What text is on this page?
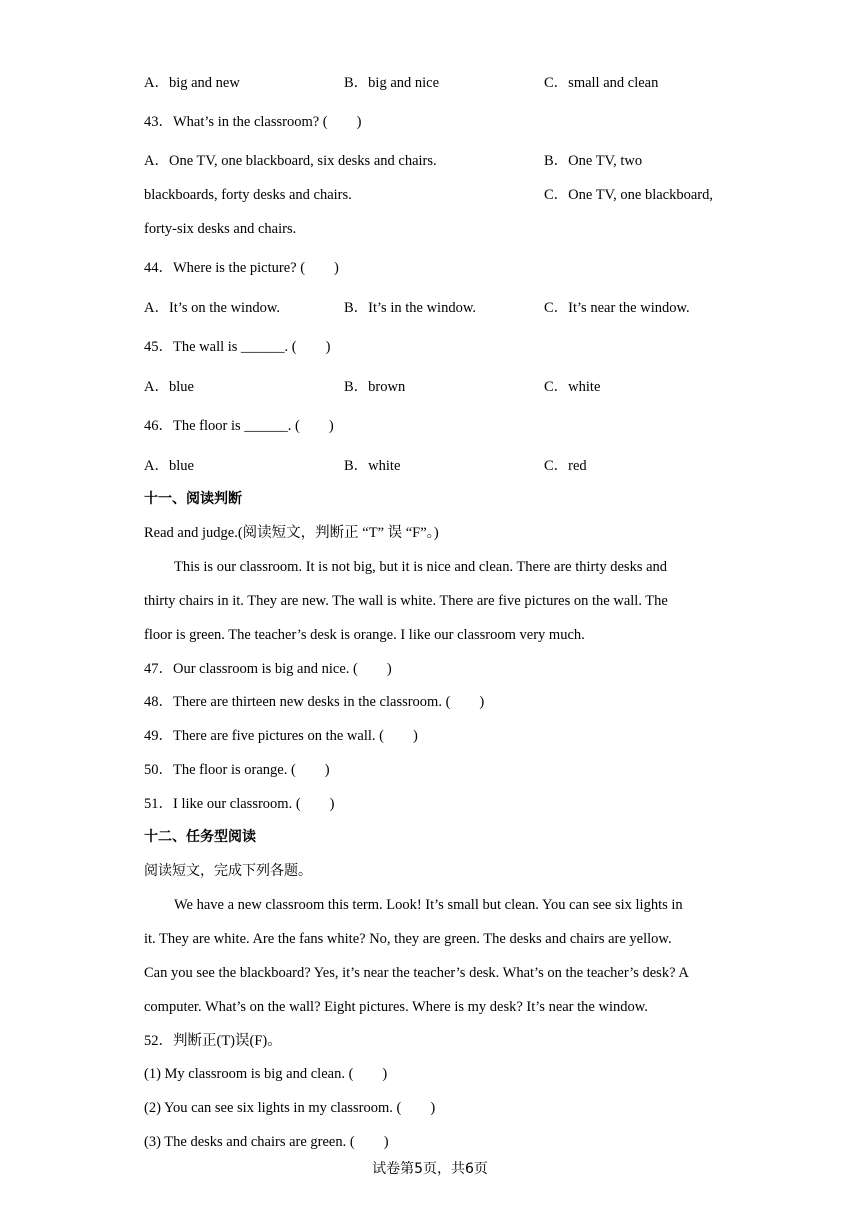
A．big and new	B．big and nice	C．small and clean
43．What’s in the classroom? (　　)
A．One TV, one blackboard, six desks and chairs.	B．One TV, two
blackboards, forty desks and chairs.	C．One TV, one blackboard,
forty-six desks and chairs.
44．Where is the picture? (　　)
A．It’s on the window.	B．It’s in the window.	C．It’s near the window.
45．The wall is ______. (　　)
A．blue	B．brown	C．white
46．The floor is ______. (　　)
A．blue	B．white	C．red
十一、阅读判断
Read and judge.(阅读短文，判断正 “T” 误 “F”。)
This is our classroom. It is not big, but it is nice and clean. There are thirty desks and
thirty chairs in it. They are new. The wall is white. There are five pictures on the wall. The
floor is green. The teacher’s desk is orange. I like our classroom very much.
47．Our classroom is big and nice. (　　)
48．There are thirteen new desks in the classroom. (　　)
49．There are five pictures on the wall. (　　)
50．The floor is orange. (　　)
51．I like our classroom. (　　)
十二、任务型阅读
阅读短文，完成下列各题。
We have a new classroom this term. Look! It’s small but clean. You can see six lights in
it. They are white. Are the fans white? No, they are green. The desks and chairs are yellow.
Can you see the blackboard? Yes, it’s near the teacher’s desk. What’s on the teacher’s desk? A
computer. What’s on the wall? Eight pictures. Where is my desk? It’s near the window.
52．判断正(T)误(F)。
(1) My classroom is big and clean. (　　)
(2) You can see six lights in my classroom. (　　)
(3) The desks and chairs are green. (　　)
试卷第5页，共6页
